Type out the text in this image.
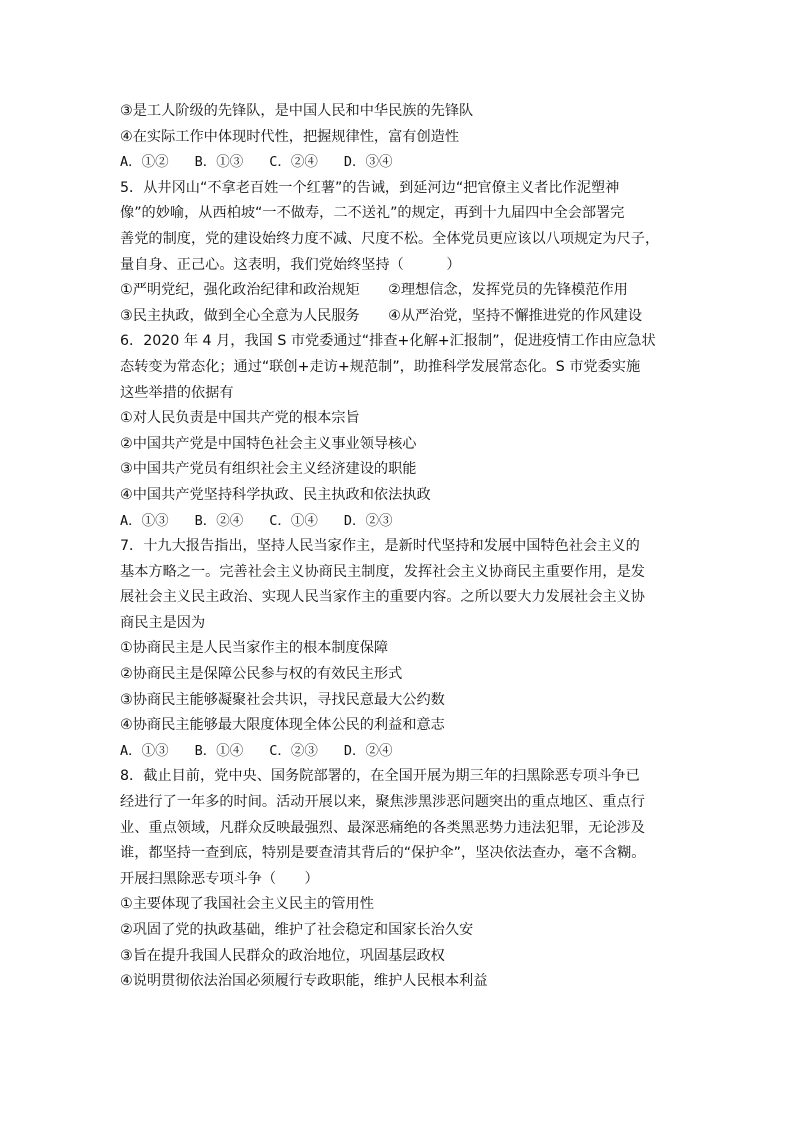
③是工人阶级的先锋队，是中国人民和中华民族的先锋队
④在实际工作中体现时代性，把握规律性，富有创造性
A．①② B．①③ C．②④ D．③④
5．从井冈山“不拿老百姓一个红薯”的告诫，到延河边“把官僚主义者比作泥塑神
像”的妙喻，从西柏坡“一不做寿，二不送礼”的规定，再到十九届四中全会部署完
善党的制度，党的建设始终力度不减、尺度不松。全体党员更应该以八项规定为尺子，
量自身、正己心。这表明，我们党始终坚持（　　　）
①严明党纪，强化政治纪律和政治规矩　　②理想信念，发挥党员的先锋模范作用
③民主执政，做到全心全意为人民服务　　④从严治党，坚持不懈推进党的作风建设
6．2020 年 4 月，我国 S 市党委通过“排查+化解+汇报制”，促进疫情工作由应急状
态转变为常态化；通过“联创+走访+规范制”，助推科学发展常态化。S 市党委实施
这些举措的依据有
①对人民负责是中国共产党的根本宗旨
②中国共产党是中国特色社会主义事业领导核心
③中国共产党员有组织社会主义经济建设的职能
④中国共产党坚持科学执政、民主执政和依法执政
A．①③ B．②④ C．①④ D．②③
7．十九大报告指出，坚持人民当家作主，是新时代坚持和发展中国特色社会主义的
基本方略之一。完善社会主义协商民主制度，发挥社会主义协商民主重要作用，是发
展社会主义民主政治、实现人民当家作主的重要内容。之所以要大力发展社会主义协
商民主是因为
①协商民主是人民当家作主的根本制度保障
②协商民主是保障公民参与权的有效民主形式
③协商民主能够凝聚社会共识，寻找民意最大公约数
④协商民主能够最大限度体现全体公民的利益和意志
A．①③ B．①④ C．②③ D．②④
8．截止目前，党中央、国务院部署的，在全国开展为期三年的扫黑除恶专项斗争已
经进行了一年多的时间。活动开展以来，聚焦涉黑涉恶问题突出的重点地区、重点行
业、重点领域，凡群众反映最强烈、最深恶痛绝的各类黑恶势力违法犯罪，无论涉及
谁，都坚持一查到底，特别是要查清其背后的“保护伞”，坚决依法查办，毫不含糊。
开展扫黑除恶专项斗争（　　）
①主要体现了我国社会主义民主的管用性
②巩固了党的执政基础，维护了社会稳定和国家长治久安
③旨在提升我国人民群众的政治地位，巩固基层政权
④说明贯彻依法治国必须履行专政职能，维护人民根本利益
